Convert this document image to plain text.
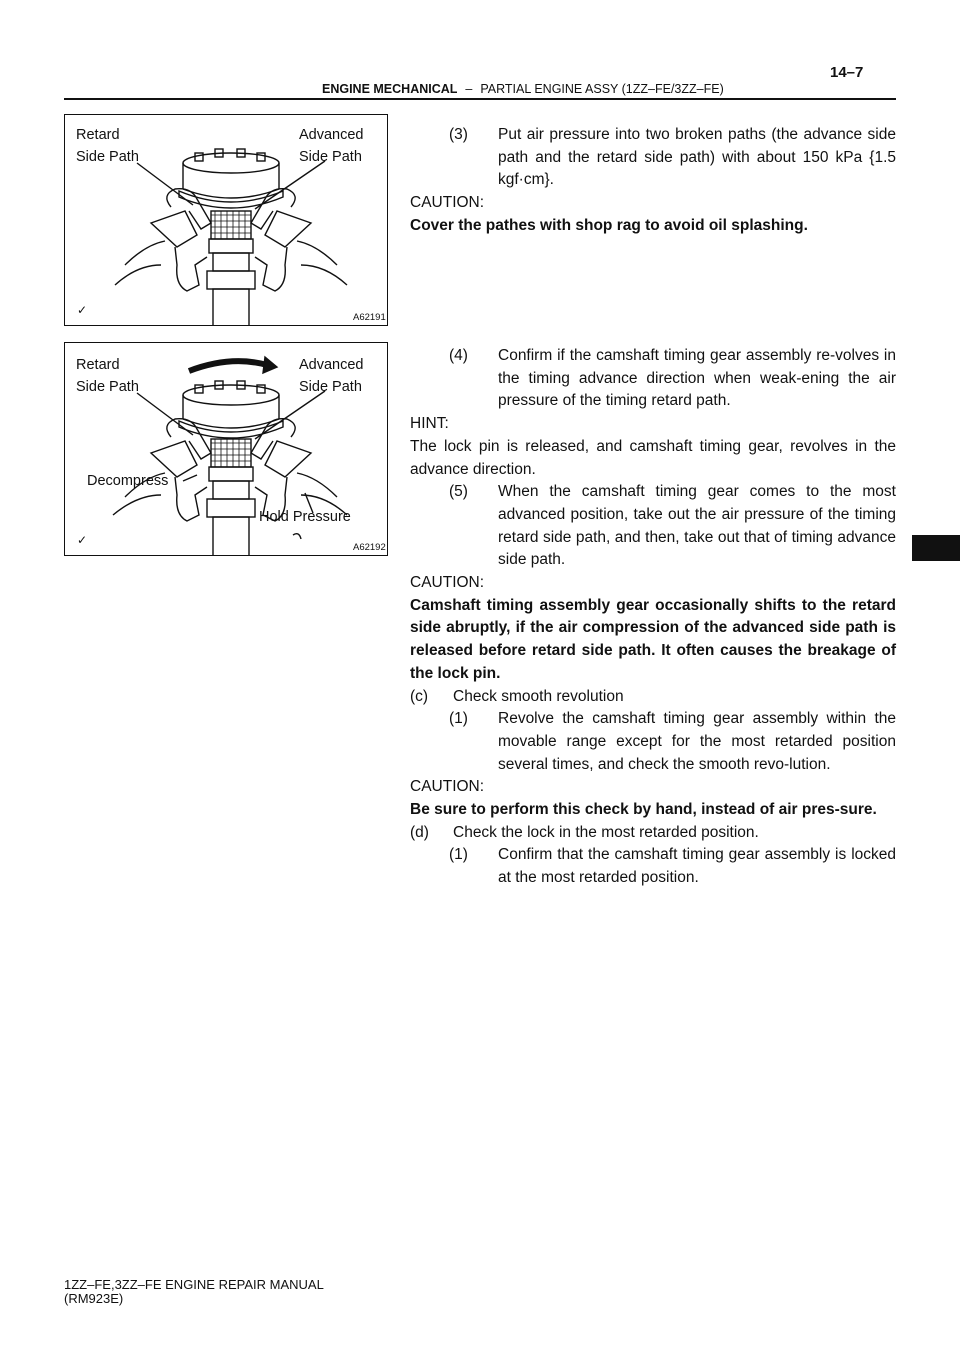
ENGINE MECHANICAL – PARTIAL ENGINE ASSY (1ZZ–FE/3ZZ–FE)
14–7
Retard
Side Path
Advanced
Side Path
✓
A62191
Retard
Side Path
Advanced
Side Path
Decompress
Hold Pressure
✓
A62192

(3) Put air pressure into two broken paths (the advance side path and the retard side path) with about 150 kPa {1.5 kgf·cm}.

CAUTION:

Cover the pathes with shop rag to avoid oil splashing.

(4) Confirm if the camshaft timing gear assembly re-volves in the timing advance direction when weak-ening the air pressure of the timing retard path.

HINT:

The lock pin is released, and camshaft timing gear, revolves in the advance direction.

(5) When the camshaft timing gear comes to the most advanced position, take out the air pressure of the timing retard side path, and then, take out that of timing advance side path.

CAUTION:

Camshaft timing assembly gear occasionally shifts to the retard side abruptly, if the air compression of the advanced side path is released before retard side path. It often causes the breakage of the lock pin.

(c) Check smooth revolution

(1) Revolve the camshaft timing gear assembly within the movable range except for the most retarded position several times, and check the smooth revo-lution.

CAUTION:

Be sure to perform this check by hand, instead of air pres-sure.

(d) Check the lock in the most retarded position.

(1) Confirm that the camshaft timing gear assembly is locked at the most retarded position.

1ZZ–FE,3ZZ–FE ENGINE REPAIR MANUAL
(RM923E)
